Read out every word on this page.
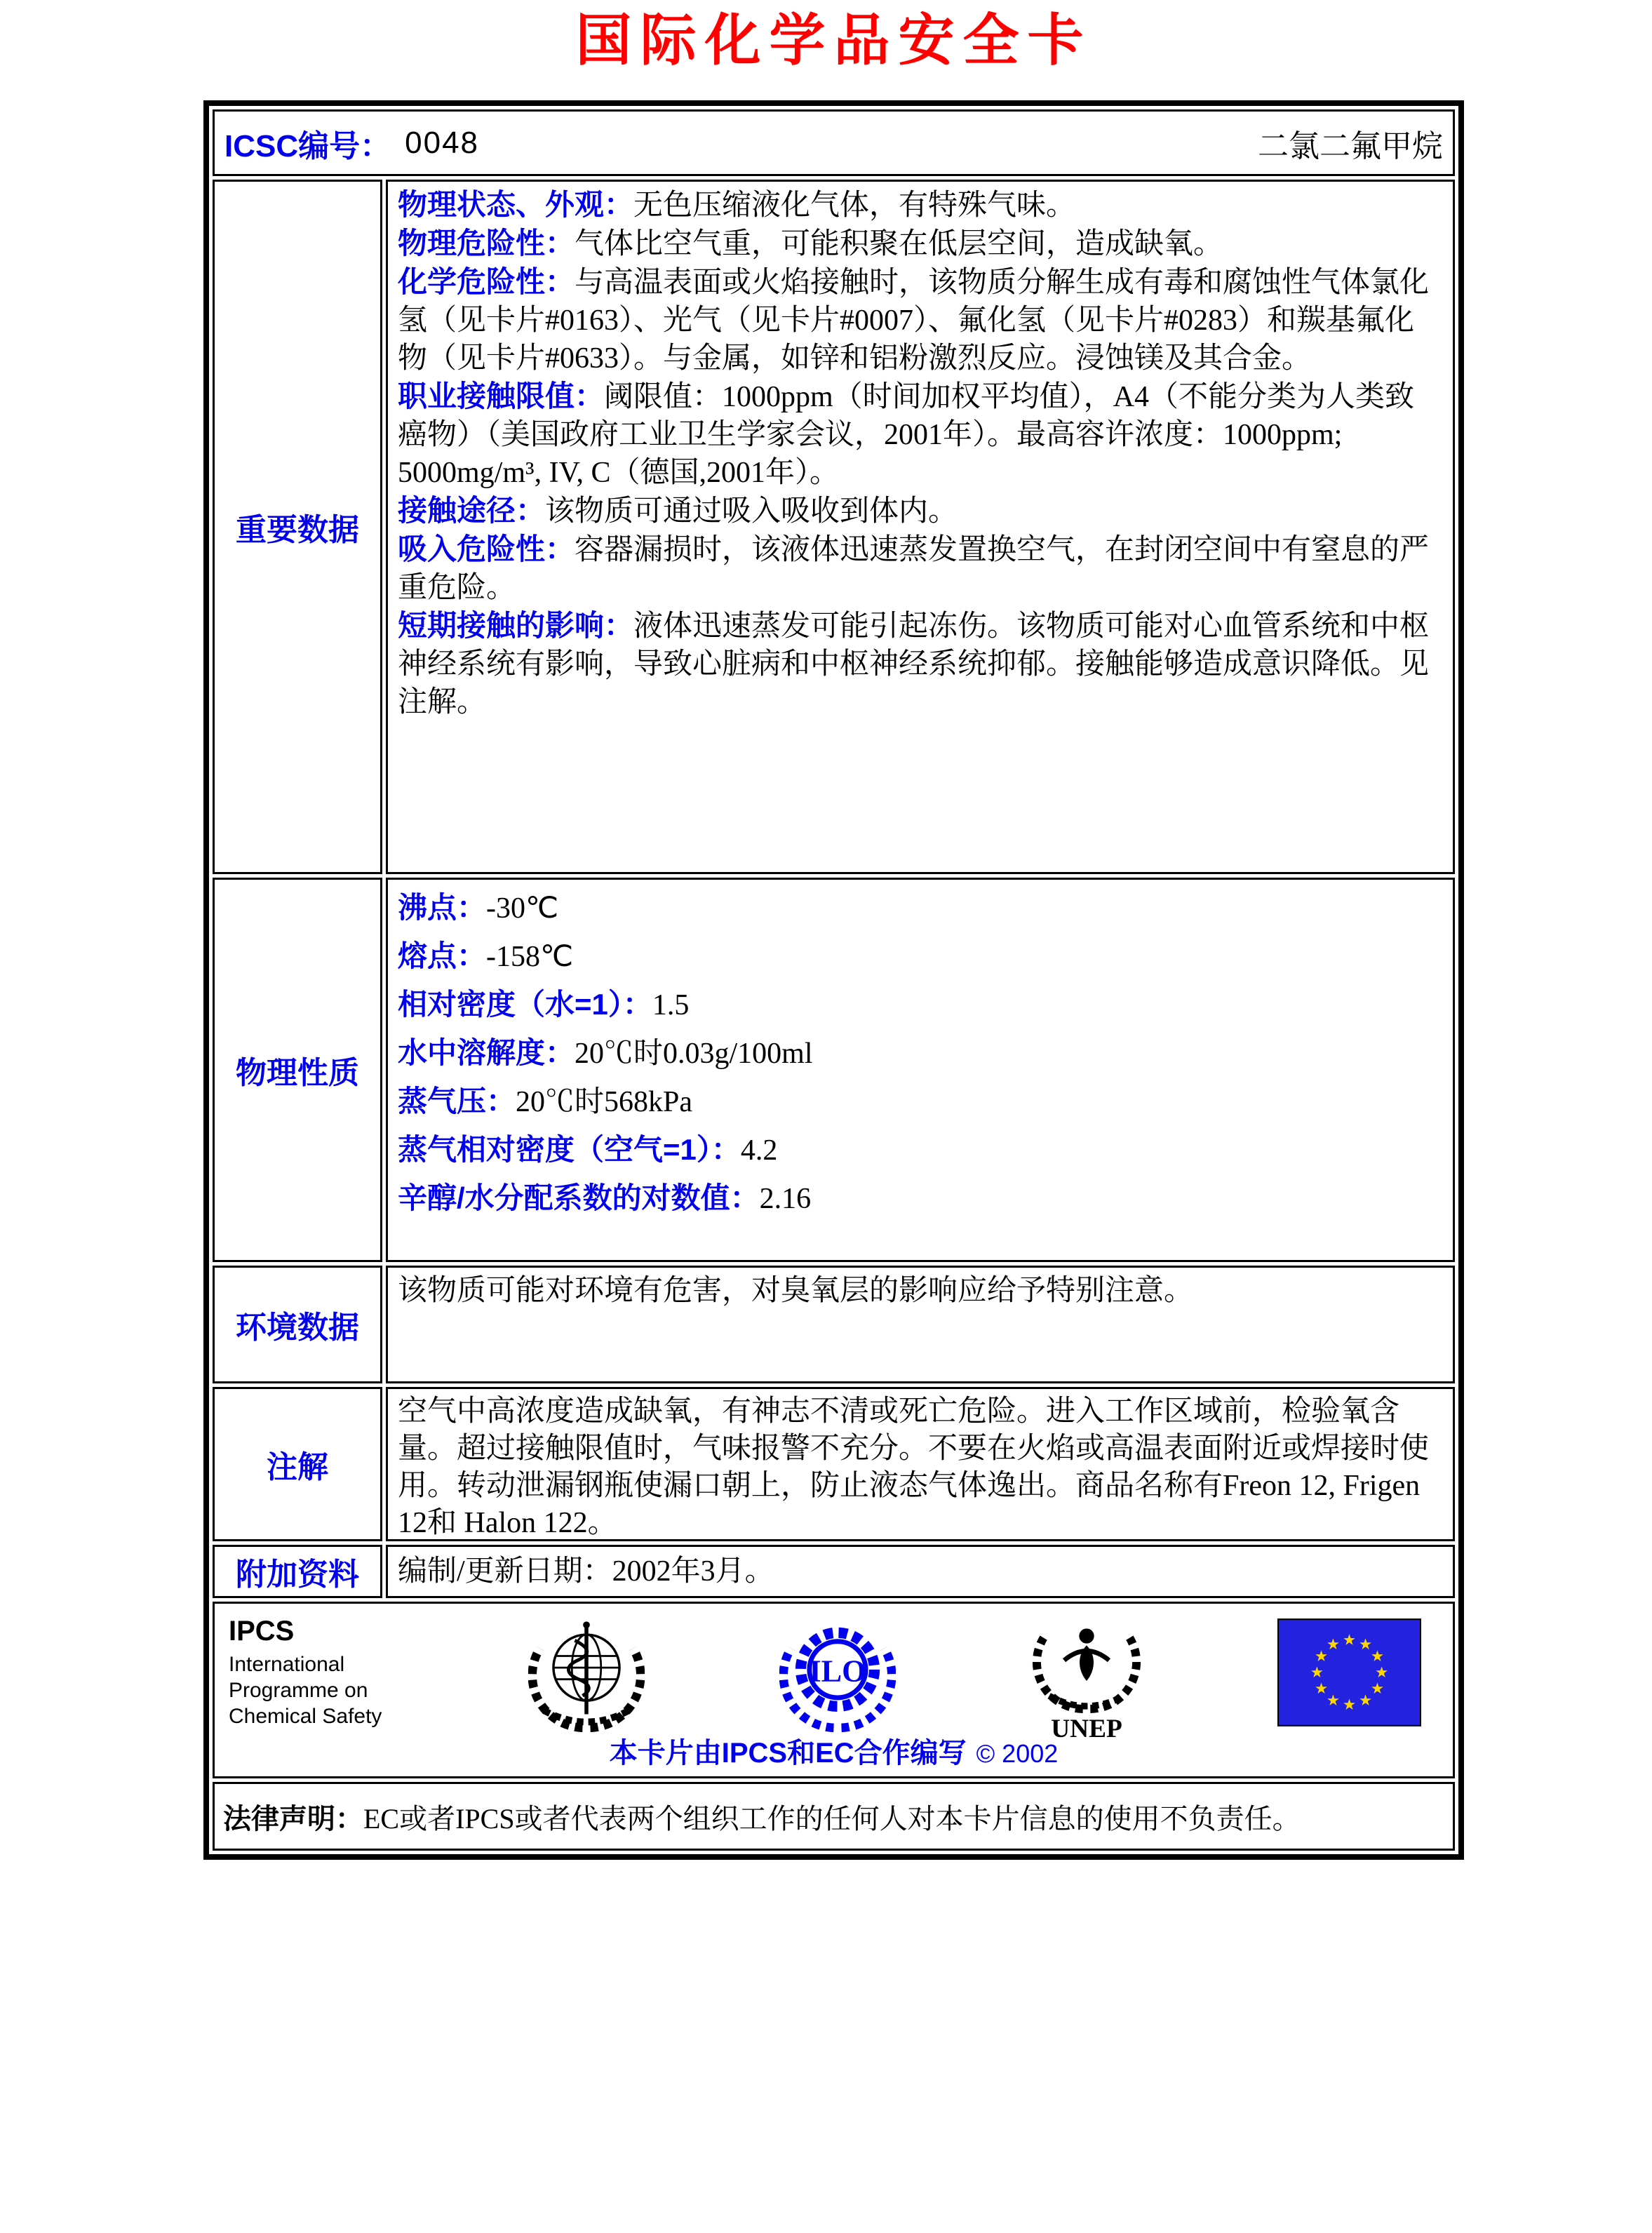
国际化学品安全卡
ICSC编号： 0048	二氯二氟甲烷
重要数据

物理状态、外观：无色压缩液化气体，有特殊气味。

物理危险性：气体比空气重，可能积聚在低层空间，造成缺氧。

化学危险性：与高温表面或火焰接触时，该物质分解生成有毒和腐蚀性气体氯化氢（见卡片#0163）、光气（见卡片#0007）、氟化氢（见卡片#0283）和羰基氟化物（见卡片#0633）。与金属，如锌和铝粉激烈反应。浸蚀镁及其合金。

职业接触限值：阈限值：1000ppm（时间加权平均值），A4（不能分类为人类致癌物）（美国政府工业卫生学家会议，2001年）。最高容许浓度：1000ppm; 5000mg/m³, IV, C（德国,2001年）。

接触途径：该物质可通过吸入吸收到体内。

吸入危险性：容器漏损时，该液体迅速蒸发置换空气，在封闭空间中有窒息的严重危险。

短期接触的影响：液体迅速蒸发可能引起冻伤。该物质可能对心血管系统和中枢神经系统有影响，导致心脏病和中枢神经系统抑郁。接触能够造成意识降低。见注解。

物理性质

沸点：-30℃

熔点：-158℃

相对密度（水=1）：1.5

水中溶解度：20℃时0.03g/100ml

蒸气压：20℃时568kPa

蒸气相对密度（空气=1）：4.2

辛醇/水分配系数的对数值：2.16

环境数据

该物质可能对环境有危害，对臭氧层的影响应给予特别注意。

注解

空气中高浓度造成缺氧，有神志不清或死亡危险。进入工作区域前，检验氧含量。超过接触限值时，气味报警不充分。不要在火焰或高温表面附近或焊接时使用。转动泄漏钢瓶使漏口朝上，防止液态气体逸出。商品名称有Freon 12, Frigen 12和 Halon 122。

附加资料 编制/更新日期：2002年3月。

IPCS

International

Programme on

Chemical Safety

ILO
UNEP
本卡片由IPCS和EC合作编写 © 2002
法律声明： EC或者IPCS或者代表两个组织工作的任何人对本卡片信息的使用不负责任。
